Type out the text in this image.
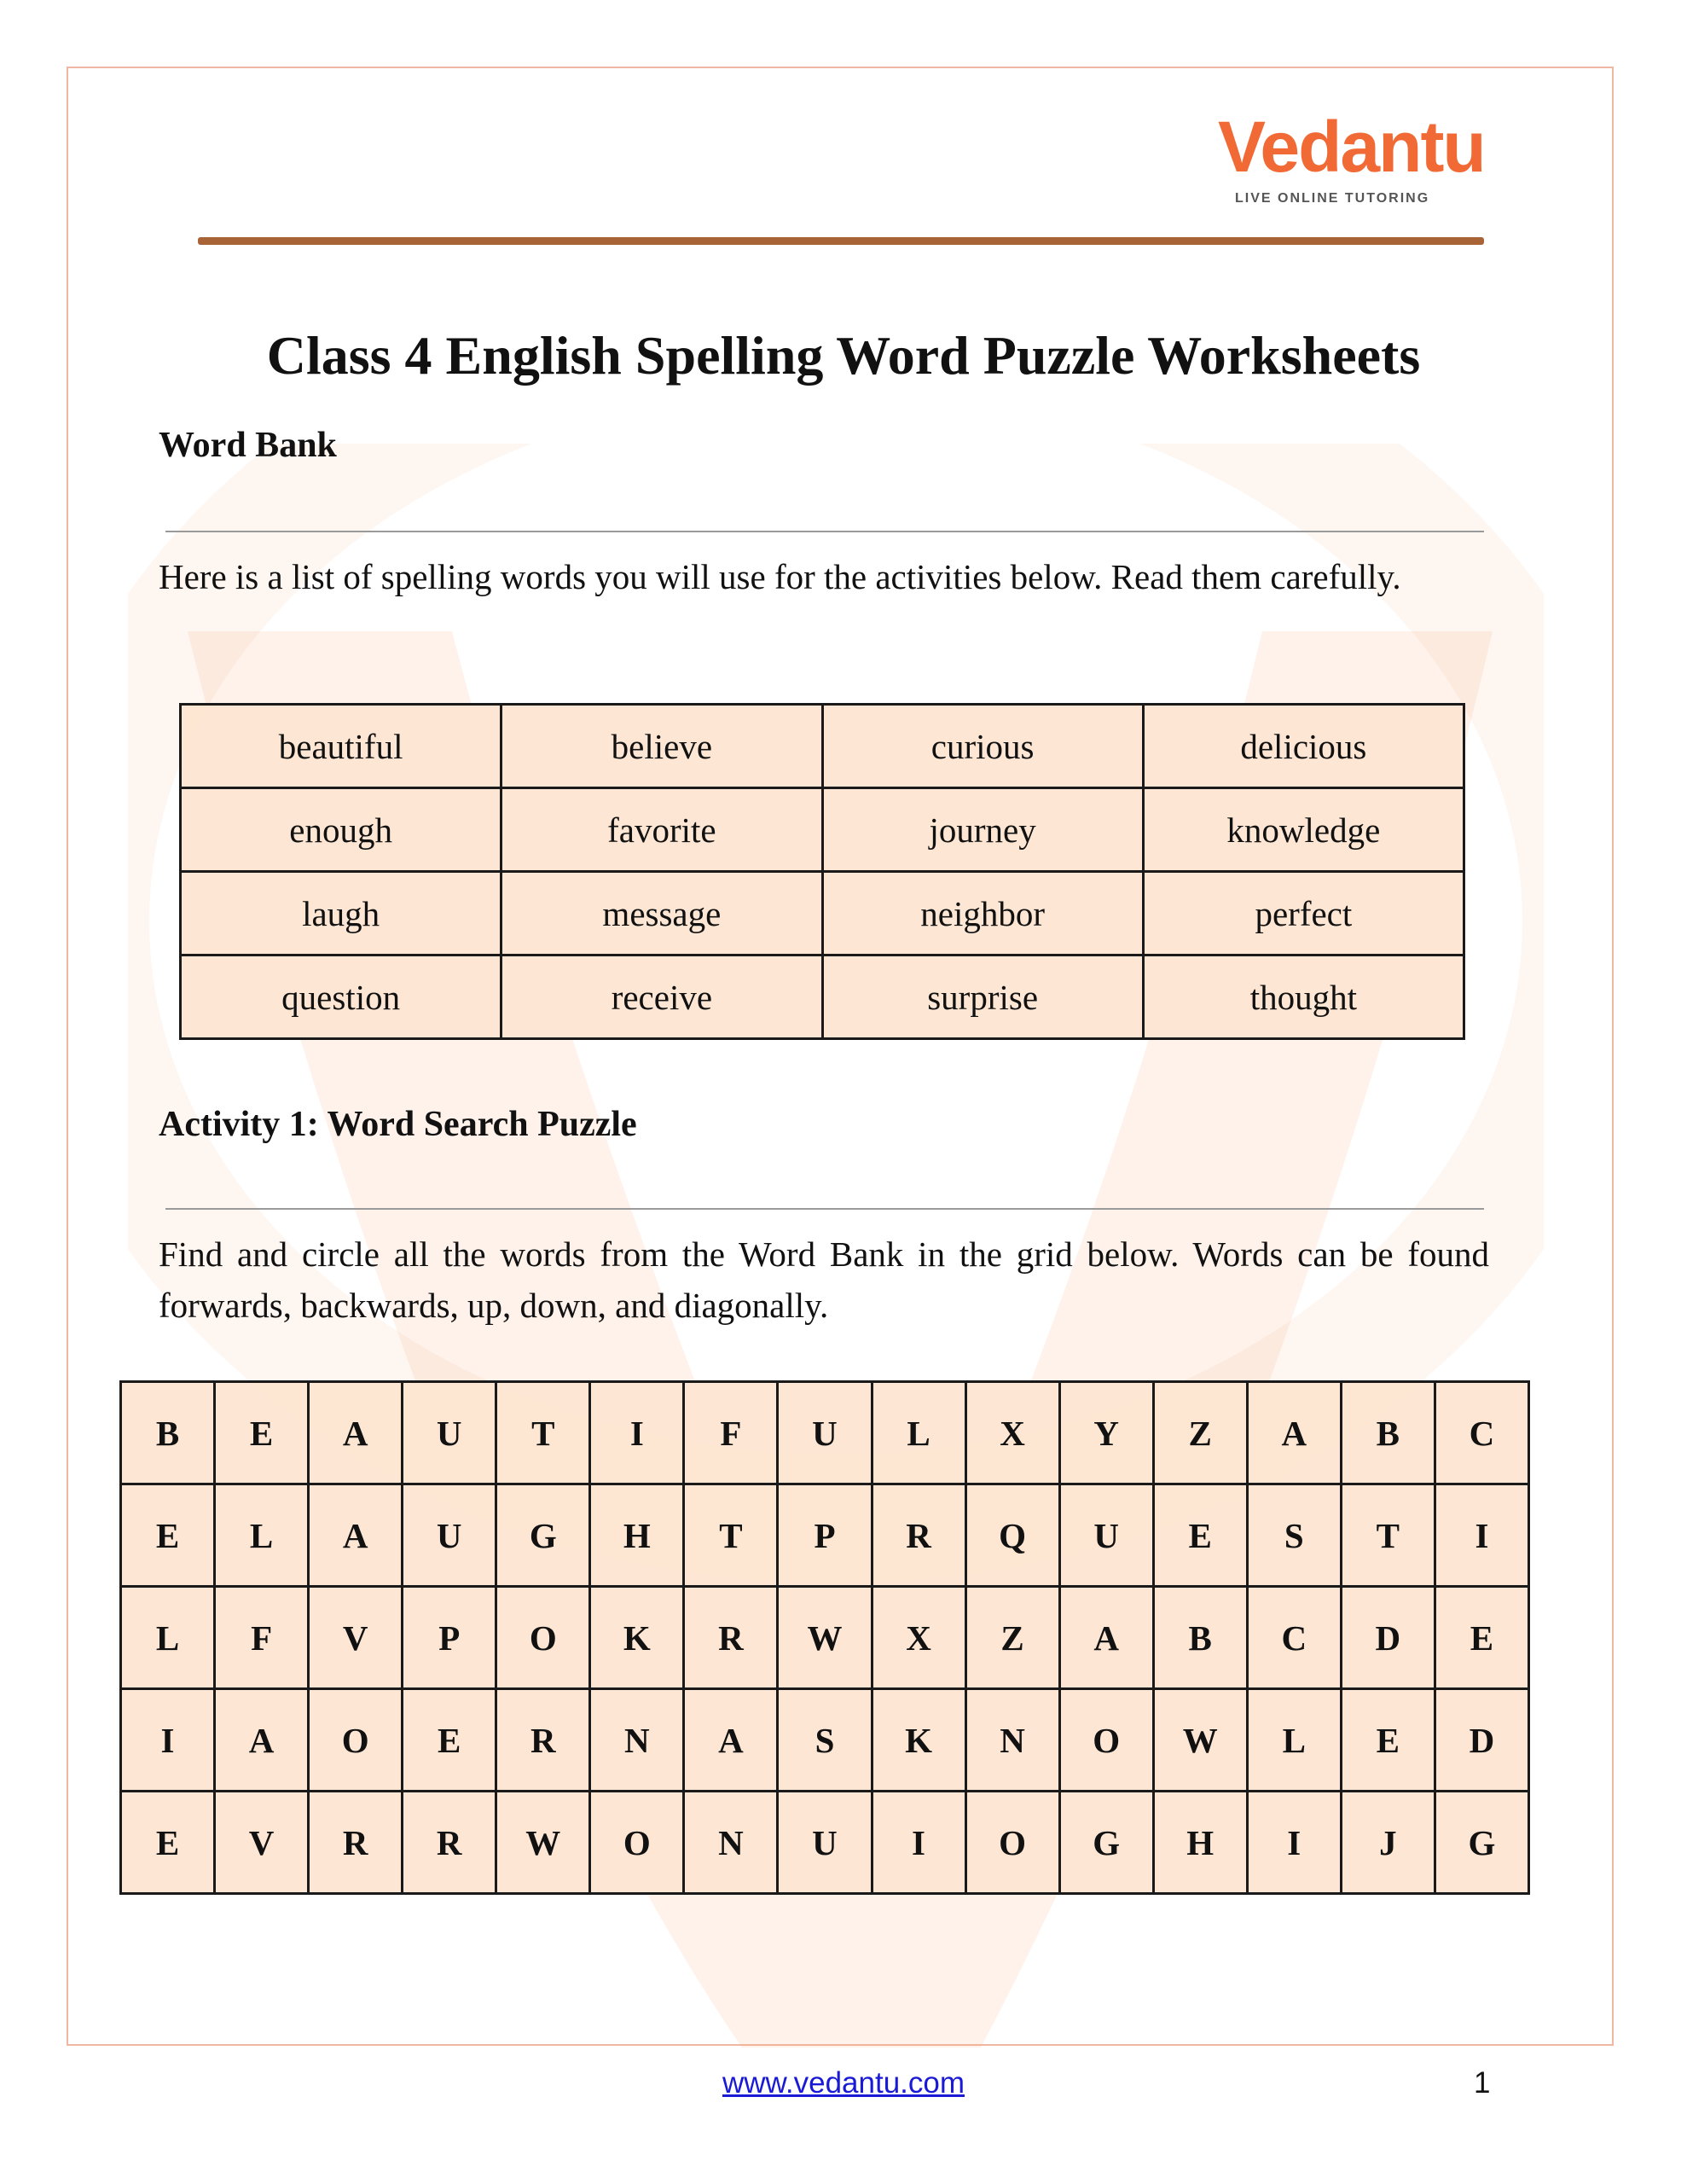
Vedantu
LIVE ONLINE TUTORING
Class 4 English Spelling Word Puzzle Worksheets
Word Bank
Here is a list of spelling words you will use for the activities below. Read them carefully.
beautiful	believe	curious	delicious
enough	favorite	journey	knowledge
laugh	message	neighbor	perfect
question	receive	surprise	thought
Activity 1: Word Search Puzzle
Find and circle all the words from the Word Bank in the grid below. Words can be found forwards, backwards, up, down, and diagonally.
B	E	A	U	T	I	F	U	L	X	Y	Z	A	B	C
E	L	A	U	G	H	T	P	R	Q	U	E	S	T	I
L	F	V	P	O	K	R	W	X	Z	A	B	C	D	E
I	A	O	E	R	N	A	S	K	N	O	W	L	E	D
E	V	R	R	W	O	N	U	I	O	G	H	I	J	G
www.vedantu.com	1
